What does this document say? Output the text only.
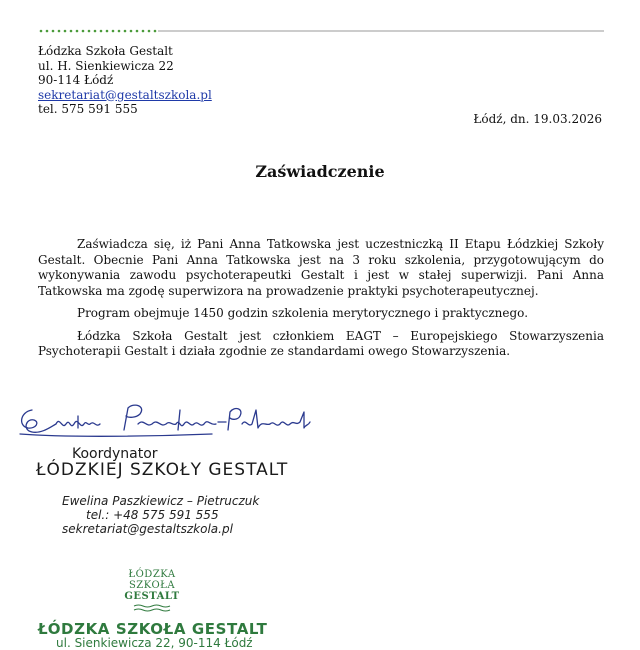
Łódzka Szkoła Gestalt
ul. H. Sienkiewicza 22
90-114 Łódź
sekretariat@gestaltszkola.pl
tel. 575 591 555
Łódź, dn. 19.03.2026
Zaświadczenie

Zaświadcza się, iż Pani Anna Tatkowska jest uczestniczką II Etapu Łódzkiej Szkoły Gestalt. Obecnie Pani Anna Tatkowska jest na 3 roku szkolenia, przygotowującym do wykonywania zawodu psychoterapeutki Gestalt i jest w stałej superwizji. Pani Anna Tatkowska ma zgodę superwizora na prowadzenie praktyki psychoterapeutycznej.

Program obejmuje 1450 godzin szkolenia merytorycznego i praktycznego.

Łódzka Szkoła Gestalt jest członkiem EAGT – Europejskiego Stowarzyszenia Psychoterapii Gestalt i działa zgodnie ze standardami owego Stowarzyszenia.

Koordynator
ŁÓDZKIEJ SZKOŁY GESTALT
Ewelina Paszkiewicz – Pietruczuk
tel.: +48 575 591 555
sekretariat@gestaltszkola.pl
ŁÓDZKA
SZKOŁA
GESTALT
ŁÓDZKA SZKOŁA GESTALT
ul. Sienkiewicza 22, 90-114 Łódź
